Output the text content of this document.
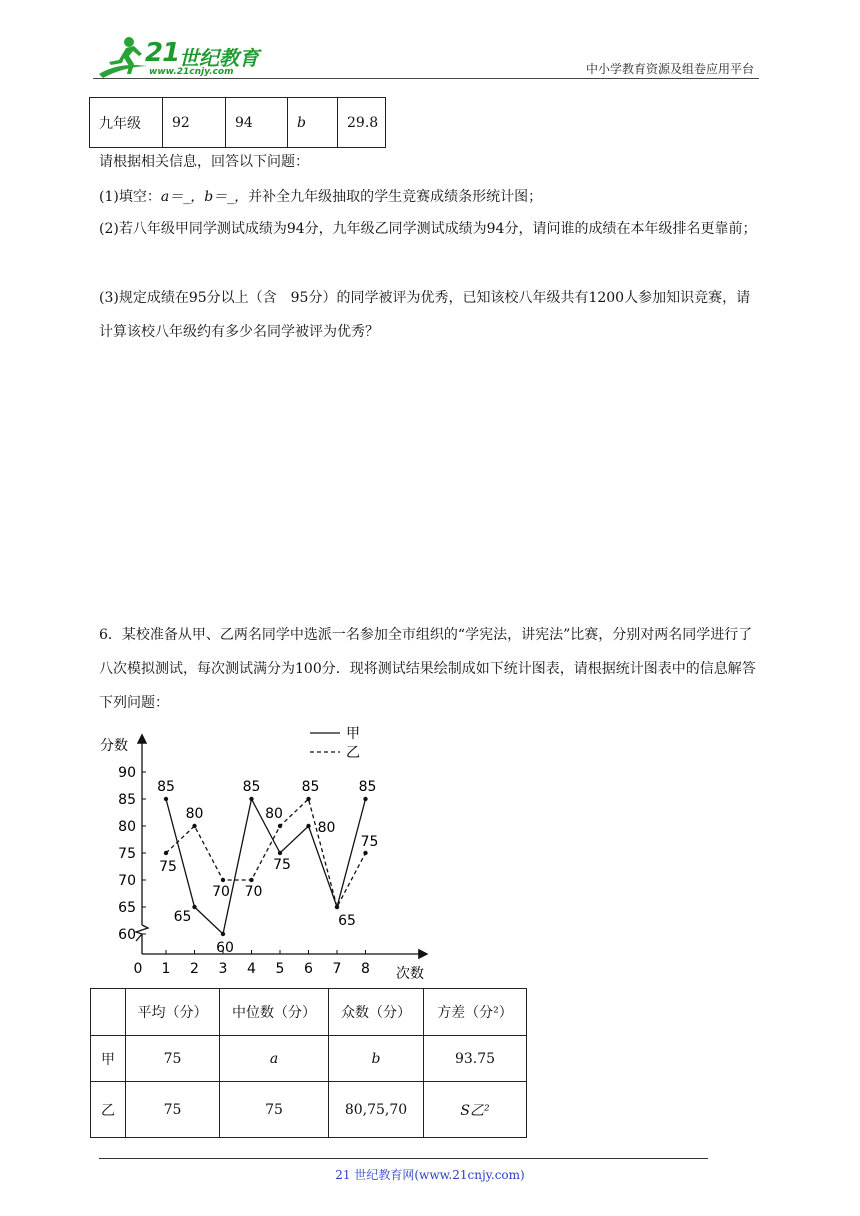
21 世纪教育
www.21cnjy.com	中小学教育资源及组卷应用平台
九年级	92	94	b	29.8
请根据相关信息，回答以下问题：
(1)填空：a＝_，b＝_，并补全九年级抽取的学生竞赛成绩条形统计图；
(2)若八年级甲同学测试成绩为94分，九年级乙同学测试成绩为94分，请问谁的成绩在本年级排名更靠前；
(3)规定成绩在95分以上（含　95分）的同学被评为优秀，已知该校八年级共有1200人参加知识竞赛，请计算该校八年级约有多少名同学被评为优秀？
6．某校准备从甲、乙两名同学中选派一名参加全市组织的“学宪法，讲宪法”比赛，分别对两名同学进行了八次模拟测试，每次测试满分为100分．现将测试结果绘制成如下统计图表，请根据统计图表中的信息解答下列问题：
分数
次数
60
65
70
75
80
85
90
0 1 2 3 4 5 6 7 8
85
65
60
85
75
80
65
85
75
80
70 70
80
85
75
甲
乙
	平均（分）	中位数（分）	众数（分）	方差（分²）
甲	75	a	b	93.75
乙	75	75	80,75,70	S乙²
21 世纪教育网(www.21cnjy.com)
